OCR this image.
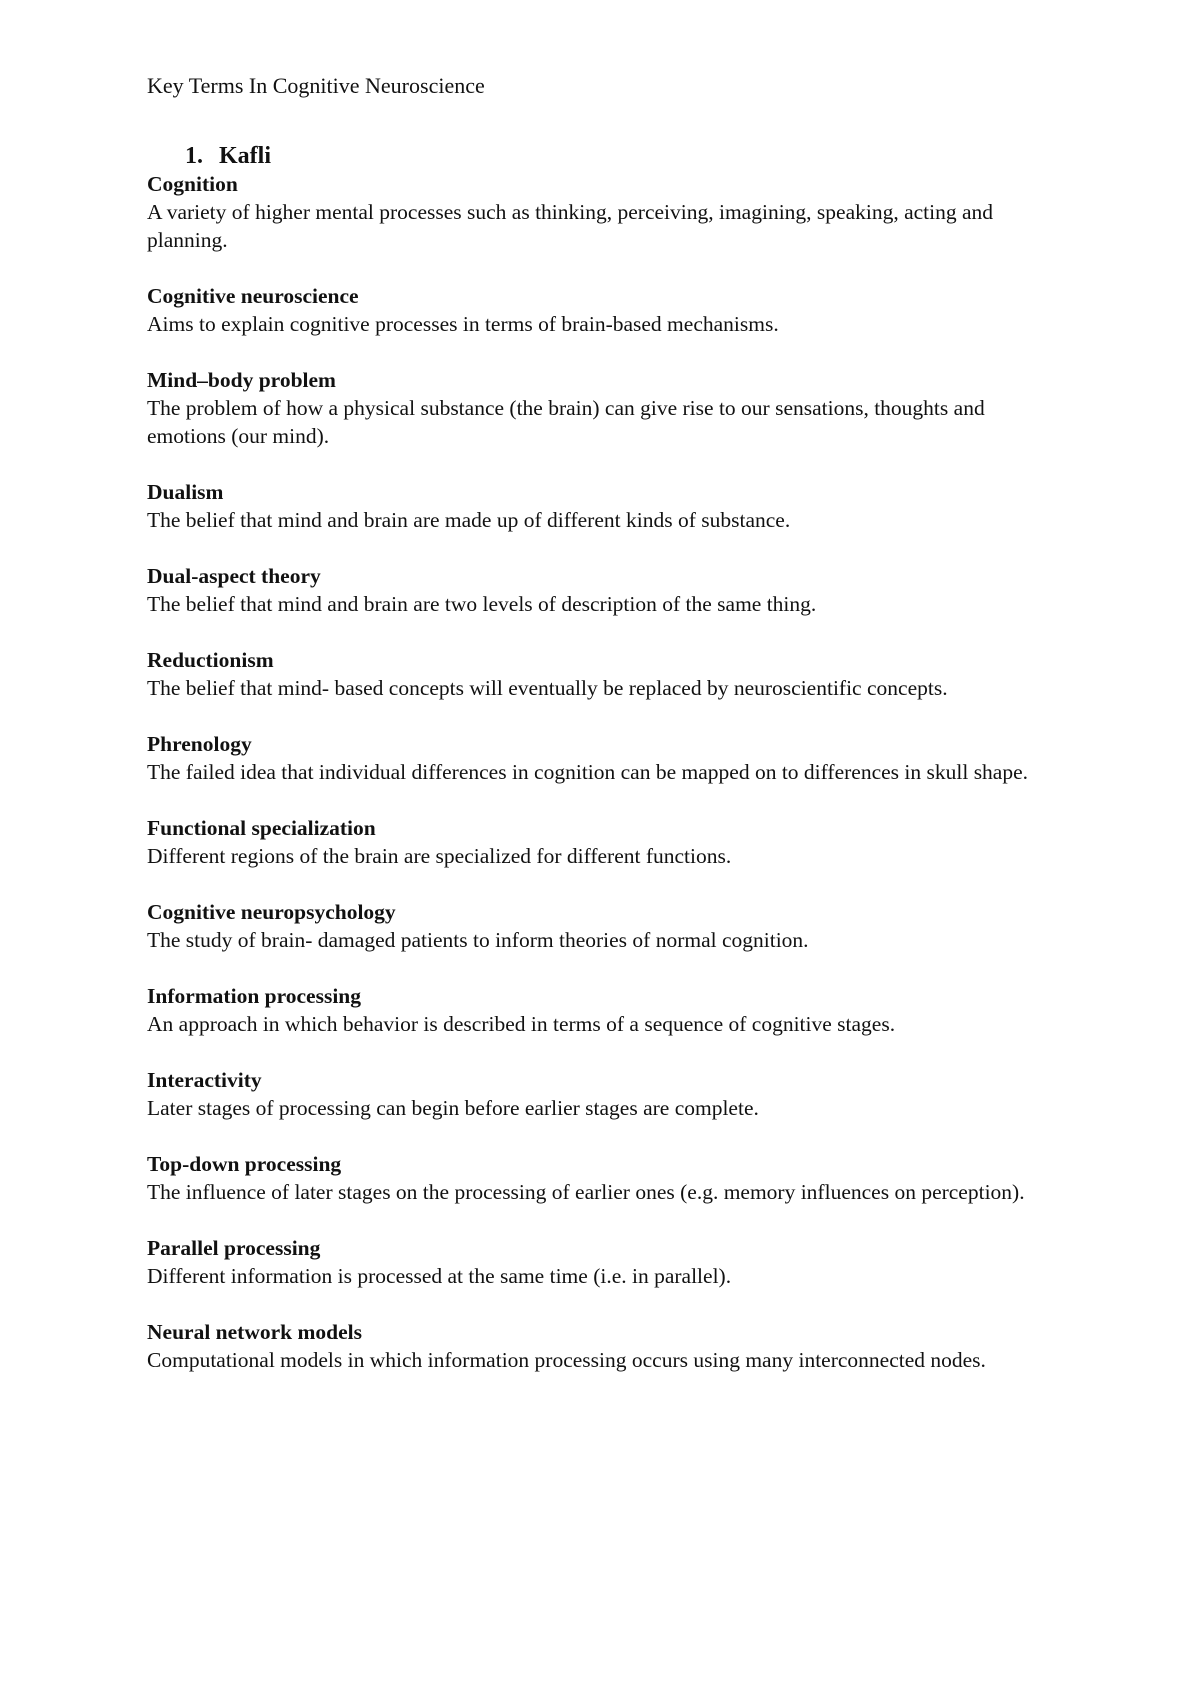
Key Terms In Cognitive Neuroscience
1. Kafli
Cognition
A variety of higher mental processes such as thinking, perceiving, imagining, speaking, acting and planning.
Cognitive neuroscience
Aims to explain cognitive processes in terms of brain-based mechanisms.
Mind–body problem
The problem of how a physical substance (the brain) can give rise to our sensations, thoughts and emotions (our mind).
Dualism
The belief that mind and brain are made up of different kinds of substance.
Dual-aspect theory
The belief that mind and brain are two levels of description of the same thing.
Reductionism
The belief that mind- based concepts will eventually be replaced by neuroscientific concepts.
Phrenology
The failed idea that individual differences in cognition can be mapped on to differences in skull shape.
Functional specialization
Different regions of the brain are specialized for different functions.
Cognitive neuropsychology
The study of brain- damaged patients to inform theories of normal cognition.
Information processing
An approach in which behavior is described in terms of a sequence of cognitive stages.
Interactivity
Later stages of processing can begin before earlier stages are complete.
Top-down processing
The influence of later stages on the processing of earlier ones (e.g. memory influences on perception).
Parallel processing
Different information is processed at the same time (i.e. in parallel).
Neural network models
Computational models in which information processing occurs using many interconnected nodes.
